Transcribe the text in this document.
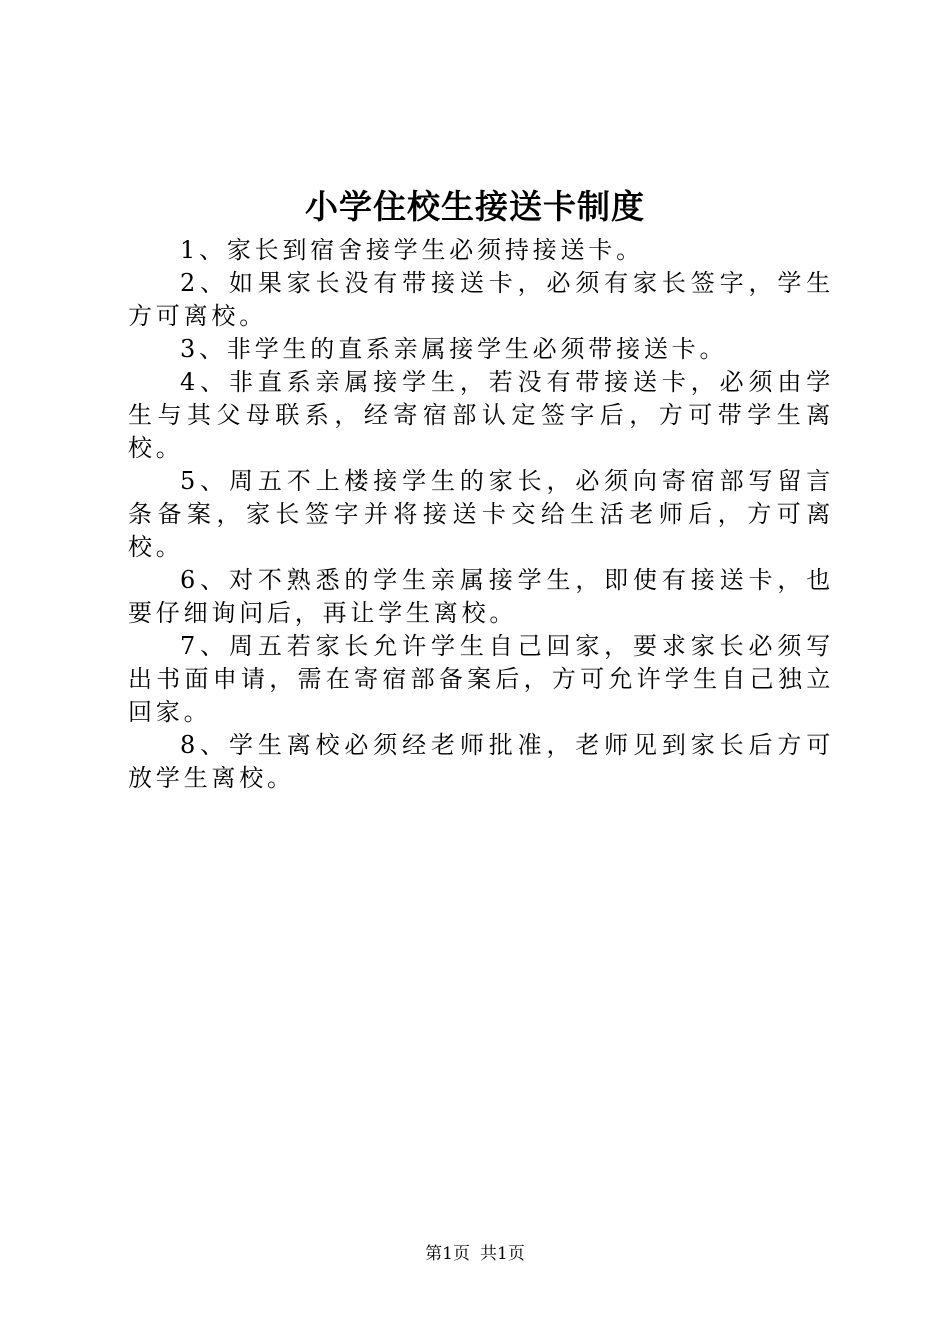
小学住校生接送卡制度

1、家长到宿舍接学生必须持接送卡。

2、如果家长没有带接送卡，必须有家长签字，学生方可离校。

3、非学生的直系亲属接学生必须带接送卡。

4、非直系亲属接学生，若没有带接送卡，必须由学生与其父母联系，经寄宿部认定签字后，方可带学生离校。

5、周五不上楼接学生的家长，必须向寄宿部写留言条备案，家长签字并将接送卡交给生活老师后，方可离校。

6、对不熟悉的学生亲属接学生，即使有接送卡，也要仔细询问后，再让学生离校。

7、周五若家长允许学生自己回家，要求家长必须写出书面申请，需在寄宿部备案后，方可允许学生自己独立回家。

8、学生离校必须经老师批准，老师见到家长后方可放学生离校。

第1页 共1页
